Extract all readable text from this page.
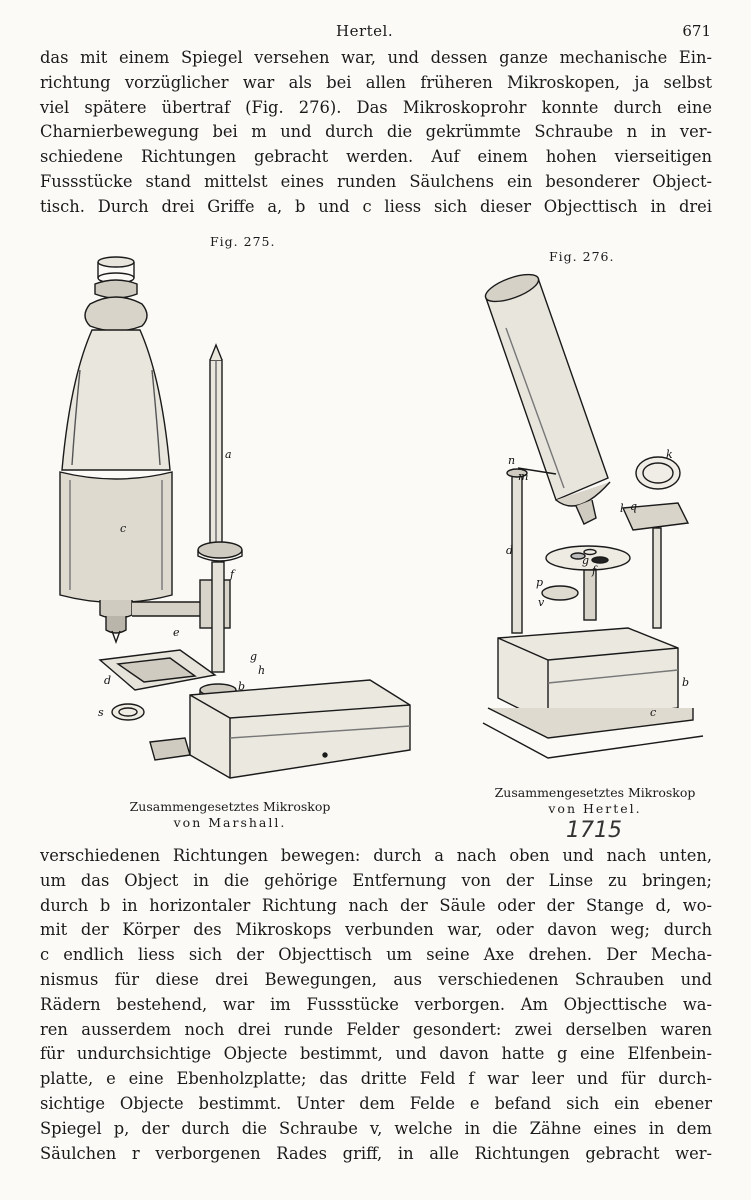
Hertel.	671
das mit einem Spiegel versehen war, und dessen ganze mechanische Ein-
richtung vorzüglicher war als bei allen früheren Mikroskopen, ja selbst
viel spätere übertraf (Fig. 276). Das Mikroskoprohr konnte durch eine
Charnierbewegung bei m und durch die gekrümmte Schraube n in ver-
schiedene Richtungen gebracht werden. Auf einem hohen vierseitigen
Fussstücke stand mittelst eines runden Säulchens ein besonderer Object-
tisch. Durch drei Griffe a, b und c liess sich dieser Objecttisch in drei
Fig. 275.
Fig. 276.
a
c
f
e
g
h
d	b
s
n
m
k
l q
d
g
f
p
v
b
c
Zusammengesetztes Mikroskop
von Marshall.
Zusammengesetztes Mikroskop
von Hertel.
1715
verschiedenen Richtungen bewegen: durch a nach oben und nach unten,
um das Object in die gehörige Entfernung von der Linse zu bringen;
durch b in horizontaler Richtung nach der Säule oder der Stange d, wo-
mit der Körper des Mikroskops verbunden war, oder davon weg; durch
c endlich liess sich der Objecttisch um seine Axe drehen. Der Mecha-
nismus für diese drei Bewegungen, aus verschiedenen Schrauben und
Rädern bestehend, war im Fussstücke verborgen. Am Objecttische wa-
ren ausserdem noch drei runde Felder gesondert: zwei derselben waren
für undurchsichtige Objecte bestimmt, und davon hatte g eine Elfenbein-
platte, e eine Ebenholzplatte; das dritte Feld f war leer und für durch-
sichtige Objecte bestimmt. Unter dem Felde e befand sich ein ebener
Spiegel p, der durch die Schraube v, welche in die Zähne eines in dem
Säulchen r verborgenen Rades griff, in alle Richtungen gebracht wer-
